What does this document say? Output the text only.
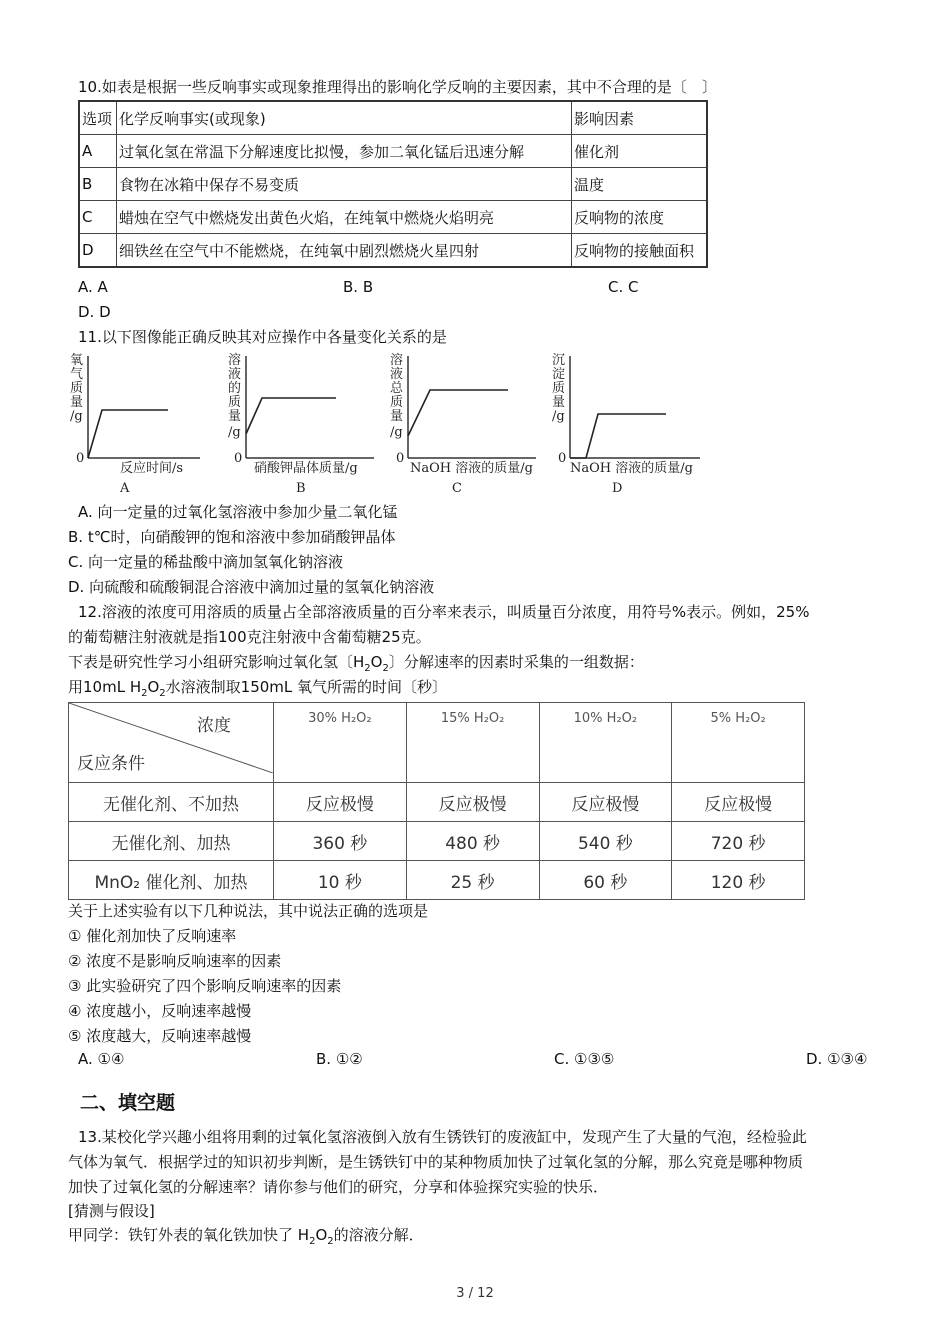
10.如表是根据一些反响事实或现象推理得出的影响化学反响的主要因素，其中不合理的是〔　〕
选项	化学反响事实(或现象)	影响因素
A	过氧化氢在常温下分解速度比拟慢，参加二氧化锰后迅速分解	催化剂
B	食物在冰箱中保存不易变质	温度
C	蜡烛在空气中燃烧发出黄色火焰，在纯氧中燃烧火焰明亮	反响物的浓度
D	细铁丝在空气中不能燃烧，在纯氧中剧烈燃烧火星四射	反响物的接触面积
A. A	B. B	C. C
D. D
11.以下图像能正确反映其对应操作中各量变化关系的是
氧
气
质
量
/g
0
反应时间/s
A
溶
液
的
质
量
/g
0
硝酸钾晶体质量/g
B
溶
液
总
质
量
/g
0
NaOH 溶液的质量/g
C
沉
淀
质
量
/g
0
NaOH 溶液的质量/g
D
A. 向一定量的过氧化氢溶液中参加少量二氧化锰
B. t℃时，向硝酸钾的饱和溶液中参加硝酸钾晶体
C. 向一定量的稀盐酸中滴加氢氧化钠溶液
D. 向硫酸和硫酸铜混合溶液中滴加过量的氢氧化钠溶液
12.溶液的浓度可用溶质的质量占全部溶液质量的百分率来表示，叫质量百分浓度，用符号%表示。例如，25%
的葡萄糖注射液就是指100克注射液中含葡萄糖25克。
下表是研究性学习小组研究影响过氧化氢〔$H_2O_2$〕分解速率的因素时采集的一组数据：
用10mL $H_2O_2$水溶液制取150mL 氧气所需的时间〔秒〕
浓度
反应条件	30% H₂O₂	15% H₂O₂	10% H₂O₂	5% H₂O₂
无催化剂、不加热	反应极慢	反应极慢	反应极慢	反应极慢
无催化剂、加热	360 秒	480 秒	540 秒	720 秒
MnO₂ 催化剂、加热	10 秒	25 秒	60 秒	120 秒
关于上述实验有以下几种说法，其中说法正确的选项是
① 催化剂加快了反响速率
② 浓度不是影响反响速率的因素
③ 此实验研究了四个影响反响速率的因素
④ 浓度越小，反响速率越慢
⑤ 浓度越大，反响速率越慢
A. ①④	B. ①②	C. ①③⑤	D. ①③④
二、填空题
13.某校化学兴趣小组将用剩的过氧化氢溶液倒入放有生锈铁钉的废液缸中，发现产生了大量的气泡，经检验此
气体为氧气．根据学过的知识初步判断，是生锈铁钉中的某种物质加快了过氧化氢的分解，那么究竟是哪种物质
加快了过氧化氢的分解速率？请你参与他们的研究，分享和体验探究实验的快乐．
[猜测与假设]
甲同学：铁钉外表的氧化铁加快了 $H_2O_2$的溶液分解．
3 / 12
